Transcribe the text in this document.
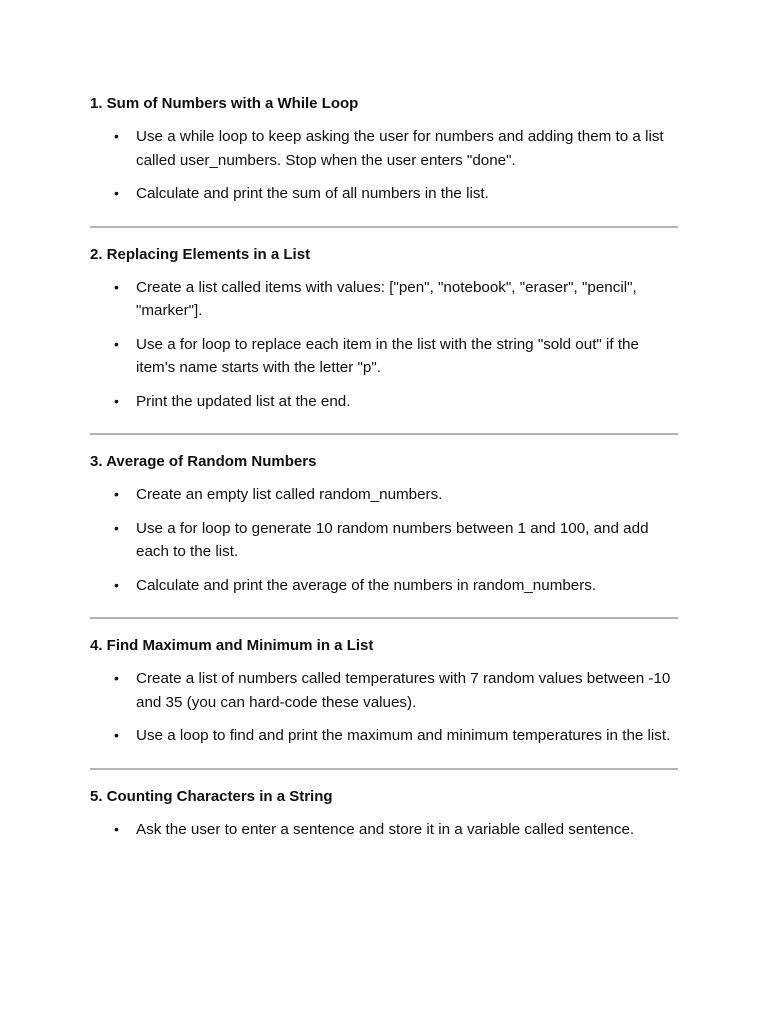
1. Sum of Numbers with a While Loop
• Use a while loop to keep asking the user for numbers and adding them to a list called user_numbers. Stop when the user enters "done".
• Calculate and print the sum of all numbers in the list.
2. Replacing Elements in a List
• Create a list called items with values: ["pen", "notebook", "eraser", "pencil", "marker"].
• Use a for loop to replace each item in the list with the string "sold out" if the item's name starts with the letter "p".
• Print the updated list at the end.
3. Average of Random Numbers
• Create an empty list called random_numbers.
• Use a for loop to generate 10 random numbers between 1 and 100, and add each to the list.
• Calculate and print the average of the numbers in random_numbers.
4. Find Maximum and Minimum in a List
• Create a list of numbers called temperatures with 7 random values between -10 and 35 (you can hard-code these values).
• Use a loop to find and print the maximum and minimum temperatures in the list.
5. Counting Characters in a String
• Ask the user to enter a sentence and store it in a variable called sentence.
